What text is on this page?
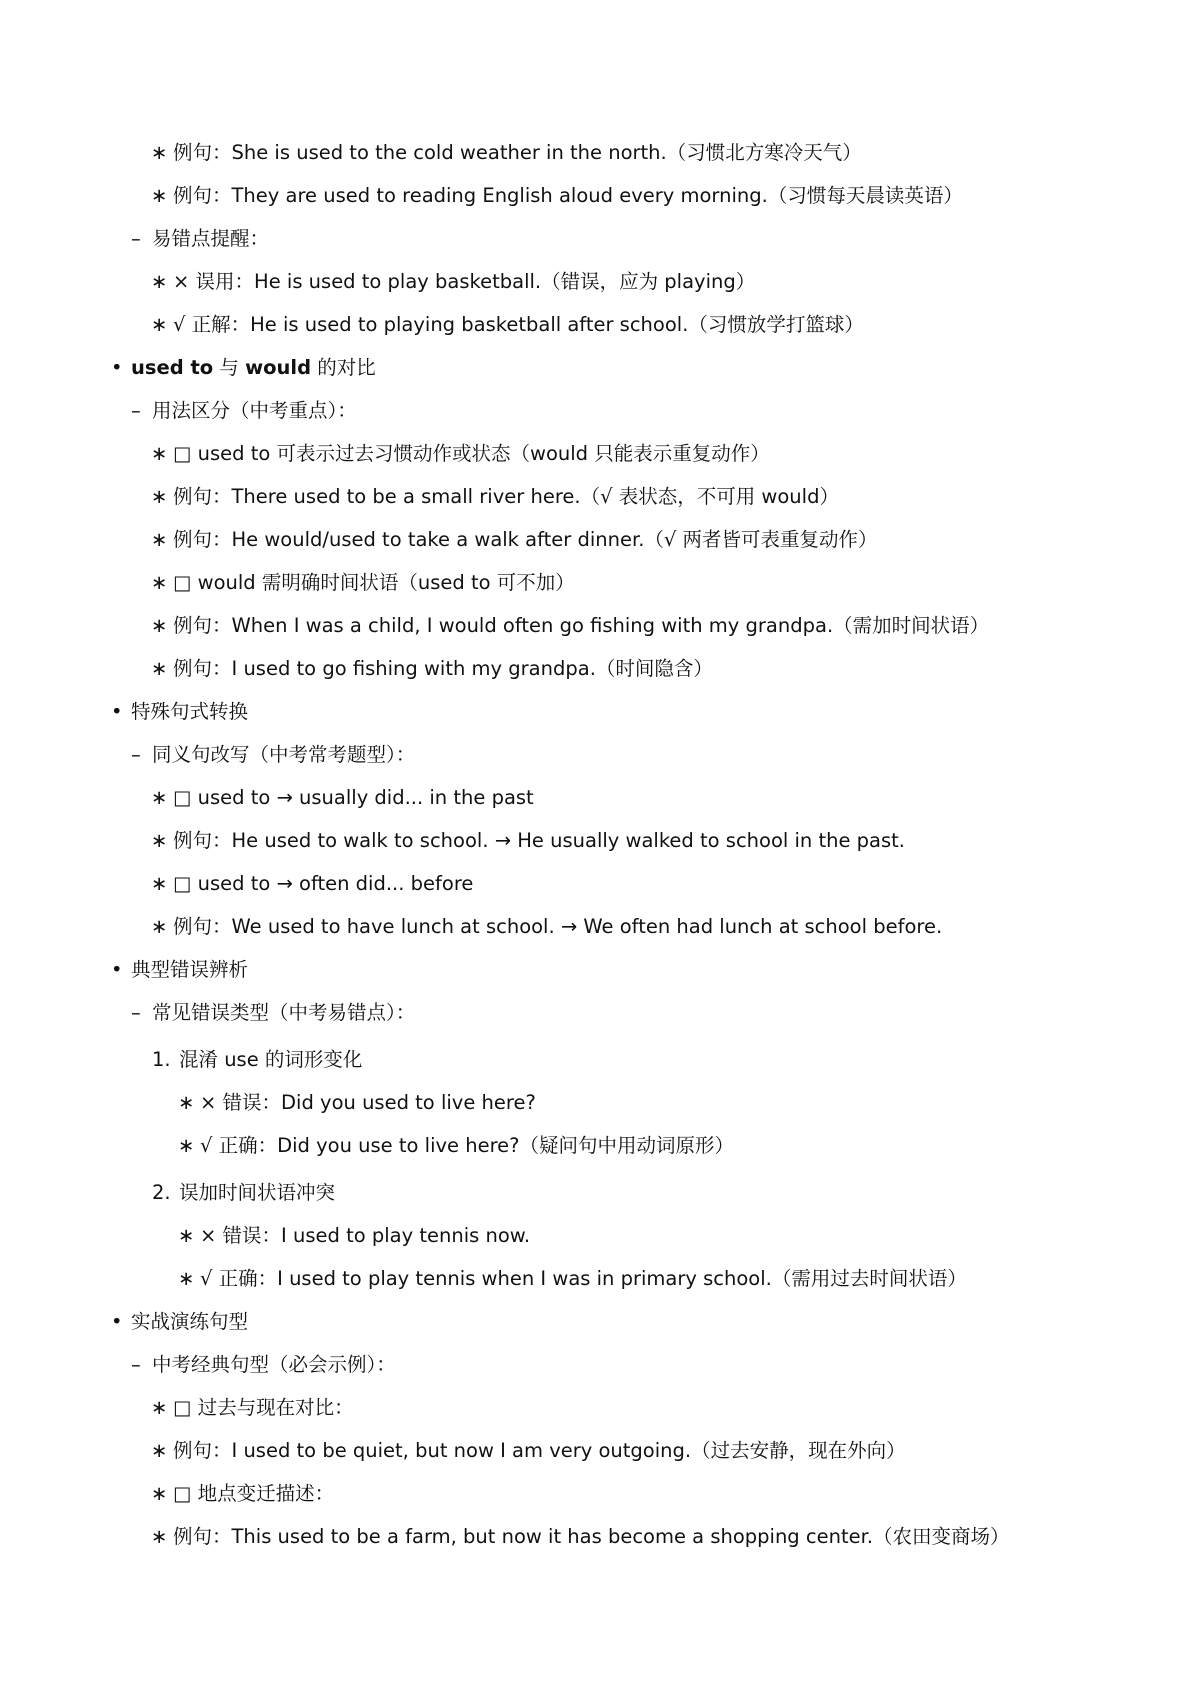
∗ 例句：She is used to the cold weather in the north.（习惯北方寒冷天气）
∗ 例句：They are used to reading English aloud every morning.（习惯每天晨读英语）
– 易错点提醒：
∗ × 误用：He is used to play basketball.（错误，应为 playing）
∗ √ 正解：He is used to playing basketball after school.（习惯放学打篮球）
• used to 与 would 的对比
– 用法区分（中考重点）：
∗ □ used to 可表示过去习惯动作或状态（would 只能表示重复动作）
∗ 例句：There used to be a small river here.（√ 表状态，不可用 would）
∗ 例句：He would/used to take a walk after dinner.（√ 两者皆可表重复动作）
∗ □ would 需明确时间状语（used to 可不加）
∗ 例句：When I was a child, I would often go fishing with my grandpa.（需加时间状语）
∗ 例句：I used to go fishing with my grandpa.（时间隐含）
• 特殊句式转换
– 同义句改写（中考常考题型）：
∗ □ used to → usually did... in the past
∗ 例句：He used to walk to school. → He usually walked to school in the past.
∗ □ used to → often did... before
∗ 例句：We used to have lunch at school. → We often had lunch at school before.
• 典型错误辨析
– 常见错误类型（中考易错点）：
1. 混淆 use 的词形变化
∗ × 错误：Did you used to live here?
∗ √ 正确：Did you use to live here?（疑问句中用动词原形）
2. 误加时间状语冲突
∗ × 错误：I used to play tennis now.
∗ √ 正确：I used to play tennis when I was in primary school.（需用过去时间状语）
• 实战演练句型
– 中考经典句型（必会示例）：
∗ □ 过去与现在对比：
∗ 例句：I used to be quiet, but now I am very outgoing.（过去安静，现在外向）
∗ □ 地点变迁描述：
∗ 例句：This used to be a farm, but now it has become a shopping center.（农田变商场）
